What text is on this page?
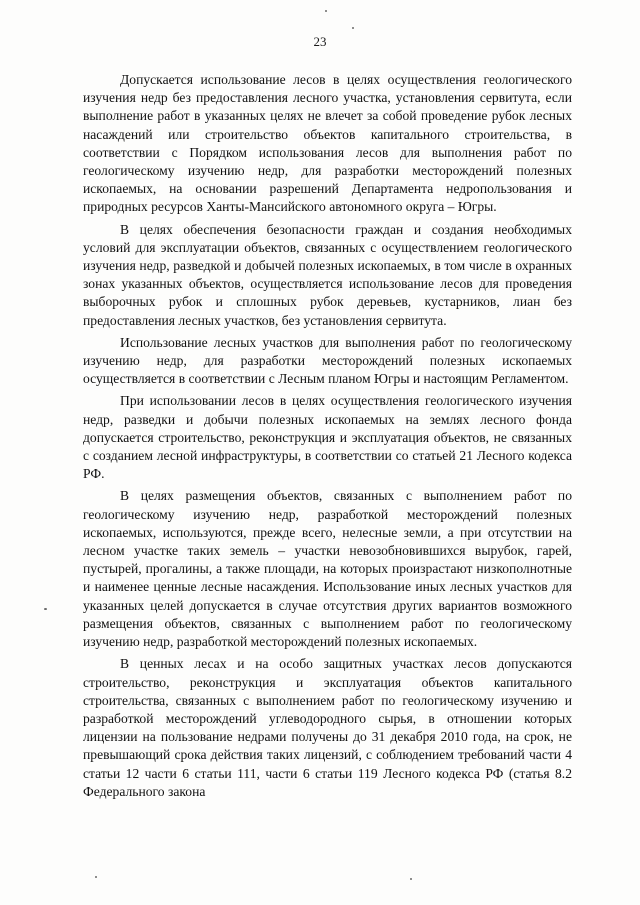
23

Допускается использование лесов в целях осуществления геологического изучения недр без предоставления лесного участка, установления сервитута, если выполнение работ в указанных целях не влечет за собой проведение рубок лесных насаждений или строительство объектов капитального строительства, в соответствии с Порядком использования лесов для выполнения работ по геологическому изучению недр, для разработки месторождений полезных ископаемых, на основании разрешений Департамента недропользования и природных ресурсов Ханты-Мансийского автономного округа – Югры.

В целях обеспечения безопасности граждан и создания необходимых условий для эксплуатации объектов, связанных с осуществлением геологического изучения недр, разведкой и добычей полезных ископаемых, в том числе в охранных зонах указанных объектов, осуществляется использование лесов для проведения выборочных рубок и сплошных рубок деревьев, кустарников, лиан без предоставления лесных участков, без установления сервитута.

Использование лесных участков для выполнения работ по геологическому изучению недр, для разработки месторождений полезных ископаемых осуществляется в соответствии с Лесным планом Югры и настоящим Регламентом.

При использовании лесов в целях осуществления геологического изучения недр, разведки и добычи полезных ископаемых на землях лесного фонда допускается строительство, реконструкция и эксплуатация объектов, не связанных с созданием лесной инфраструктуры, в соответствии со статьей 21 Лесного кодекса РФ.

В целях размещения объектов, связанных с выполнением работ по геологическому изучению недр, разработкой месторождений полезных ископаемых, используются, прежде всего, нелесные земли, а при отсутствии на лесном участке таких земель – участки невозобновившихся вырубок, гарей, пустырей, прогалины, а также площади, на которых произрастают низкополнотные и наименее ценные лесные насаждения. Использование иных лесных участков для указанных целей допускается в случае отсутствия других вариантов возможного размещения объектов, связанных с выполнением работ по геологическому изучению недр, разработкой месторождений полезных ископаемых.

В ценных лесах и на особо защитных участках лесов допускаются строительство, реконструкция и эксплуатация объектов капитального строительства, связанных с выполнением работ по геологическому изучению и разработкой месторождений углеводородного сырья, в отношении которых лицензии на пользование недрами получены до 31 декабря 2010 года, на срок, не превышающий срока действия таких лицензий, с соблюдением требований части 4 статьи 12 части 6 статьи 111, части 6 статьи 119 Лесного кодекса РФ (статья 8.2 Федерального закона
